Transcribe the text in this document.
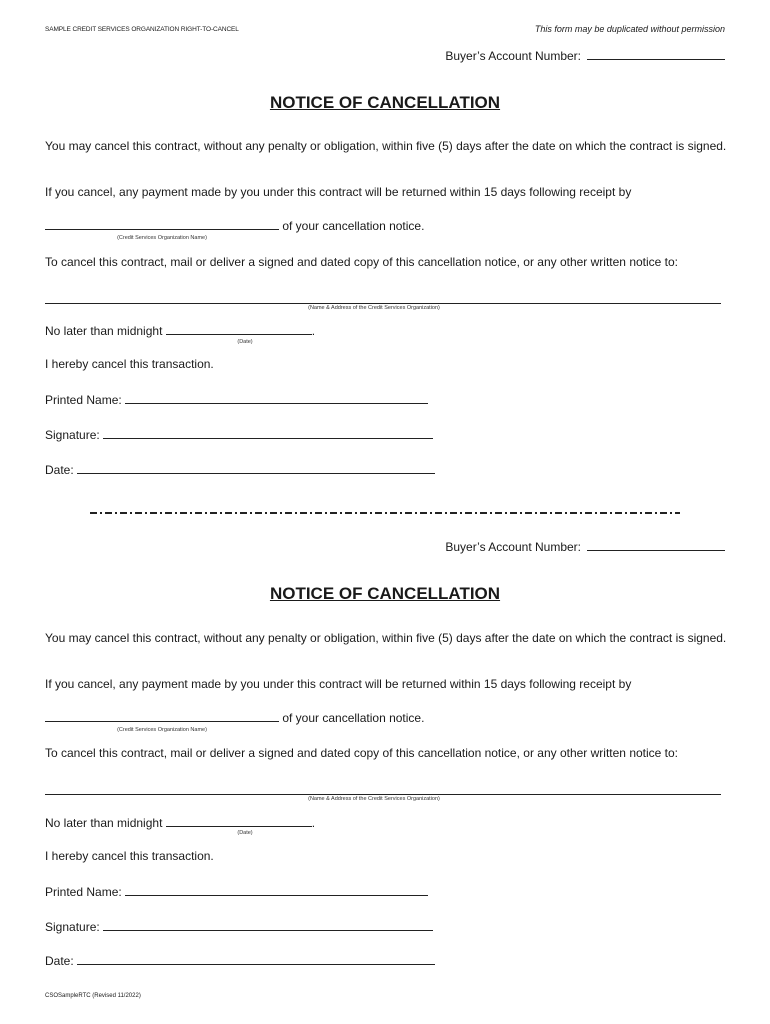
SAMPLE CREDIT SERVICES ORGANIZATION RIGHT-TO-CANCEL	This form may be duplicated without permission
Buyer’s Account Number:
NOTICE OF CANCELLATION
You may cancel this contract, without any penalty or obligation, within five (5) days after the date on which the contract is signed.
If you cancel, any payment made by you under this contract will be returned within 15 days following receipt by
of your cancellation notice.
(Credit Services Organization Name)
To cancel this contract, mail or deliver a signed and dated copy of this cancellation notice, or any other written notice to:
(Name & Address of the Credit Services Organization)
No later than midnight	.
(Date)
I hereby cancel this transaction.
Printed Name:
Signature:
Date:
Buyer’s Account Number:
NOTICE OF CANCELLATION
You may cancel this contract, without any penalty or obligation, within five (5) days after the date on which the contract is signed.
If you cancel, any payment made by you under this contract will be returned within 15 days following receipt by
of your cancellation notice.
(Credit Services Organization Name)
To cancel this contract, mail or deliver a signed and dated copy of this cancellation notice, or any other written notice to:
(Name & Address of the Credit Services Organization)
No later than midnight	.
(Date)
I hereby cancel this transaction.
Printed Name:
Signature:
Date:
CSOSampleRTC (Revised 11/2022)
